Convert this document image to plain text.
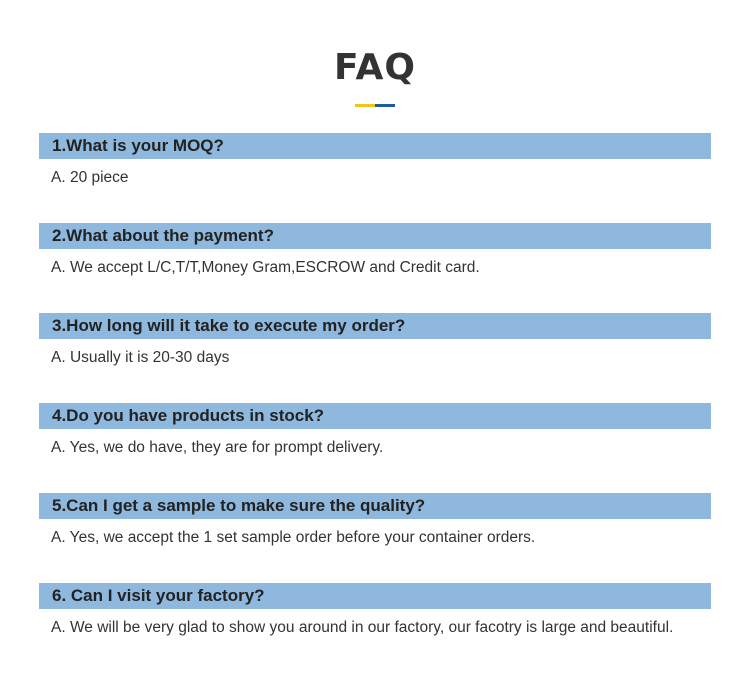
FAQ
1.What is your MOQ?
A. 20 piece
2.What about the payment?
A. We accept L/C,T/T,Money Gram,ESCROW and Credit card.
3.How long will it take to execute my order?
A. Usually it is 20-30 days
4.Do you have products in stock?
A. Yes, we do have, they are for prompt delivery.
5.Can I get a sample to make sure the quality?
A. Yes, we accept the 1 set sample order before your container orders.
6. Can I visit your factory?
A. We will be very glad to show you around in our factory, our facotry is large and beautiful.
